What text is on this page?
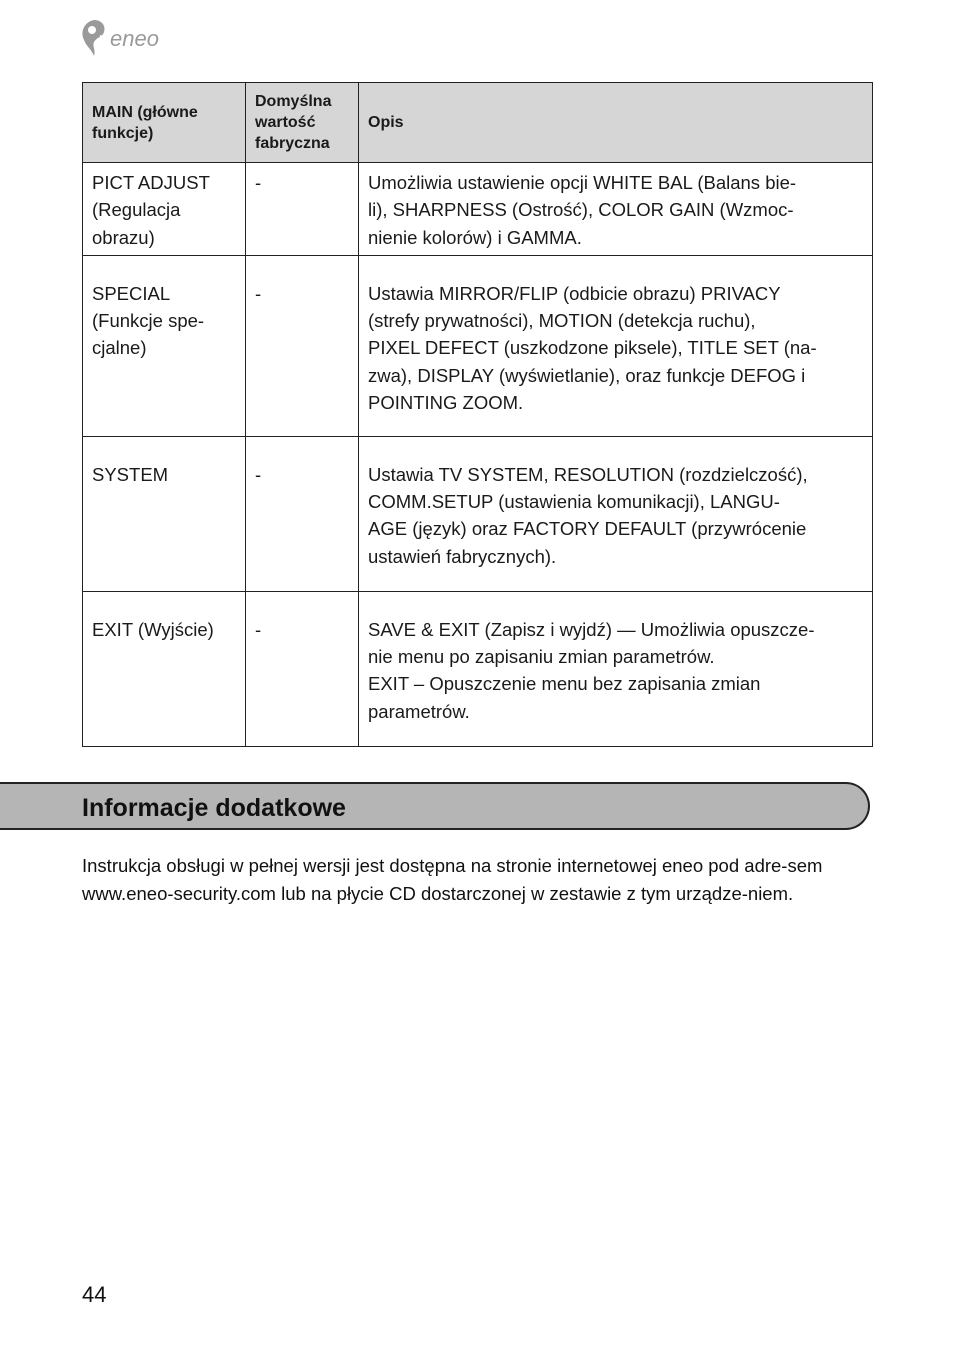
eneo
MAIN (główne funkcje)	Domyślna wartość fabryczna	Opis
PICT ADJUST (Regulacja obrazu)	-	Umożliwia ustawienie opcji WHITE BAL (Balans bie-
li), SHARPNESS (Ostrość), COLOR GAIN (Wzmoc-
nienie kolorów) i GAMMA.

SPECIAL (Funkcje spe-cjalne)	-	Ustawia MIRROR/FLIP (odbicie obrazu) PRIVACY
(strefy prywatności), MOTION (detekcja ruchu),
PIXEL DEFECT (uszkodzone piksele), TITLE SET (na-
zwa), DISPLAY (wyświetlanie), oraz funkcje DEFOG i
POINTING ZOOM.

SYSTEM	-	Ustawia TV SYSTEM, RESOLUTION (rozdzielczość),
COMM.SETUP (ustawienia komunikacji), LANGU-
AGE (język) oraz FACTORY DEFAULT (przywrócenie
ustawień fabrycznych).

EXIT (Wyjście)	-	SAVE & EXIT (Zapisz i wyjdź) — Umożliwia opuszcze-
nie menu po zapisaniu zmian parametrów.
EXIT – Opuszczenie menu bez zapisania zmian
parametrów.
Informacje dodatkowe

Instrukcja obsługi w pełnej wersji jest dostępna na stronie internetowej eneo pod adre-sem www.eneo-security.com lub na płycie CD dostarczonej w zestawie z tym urządze-niem.

44
